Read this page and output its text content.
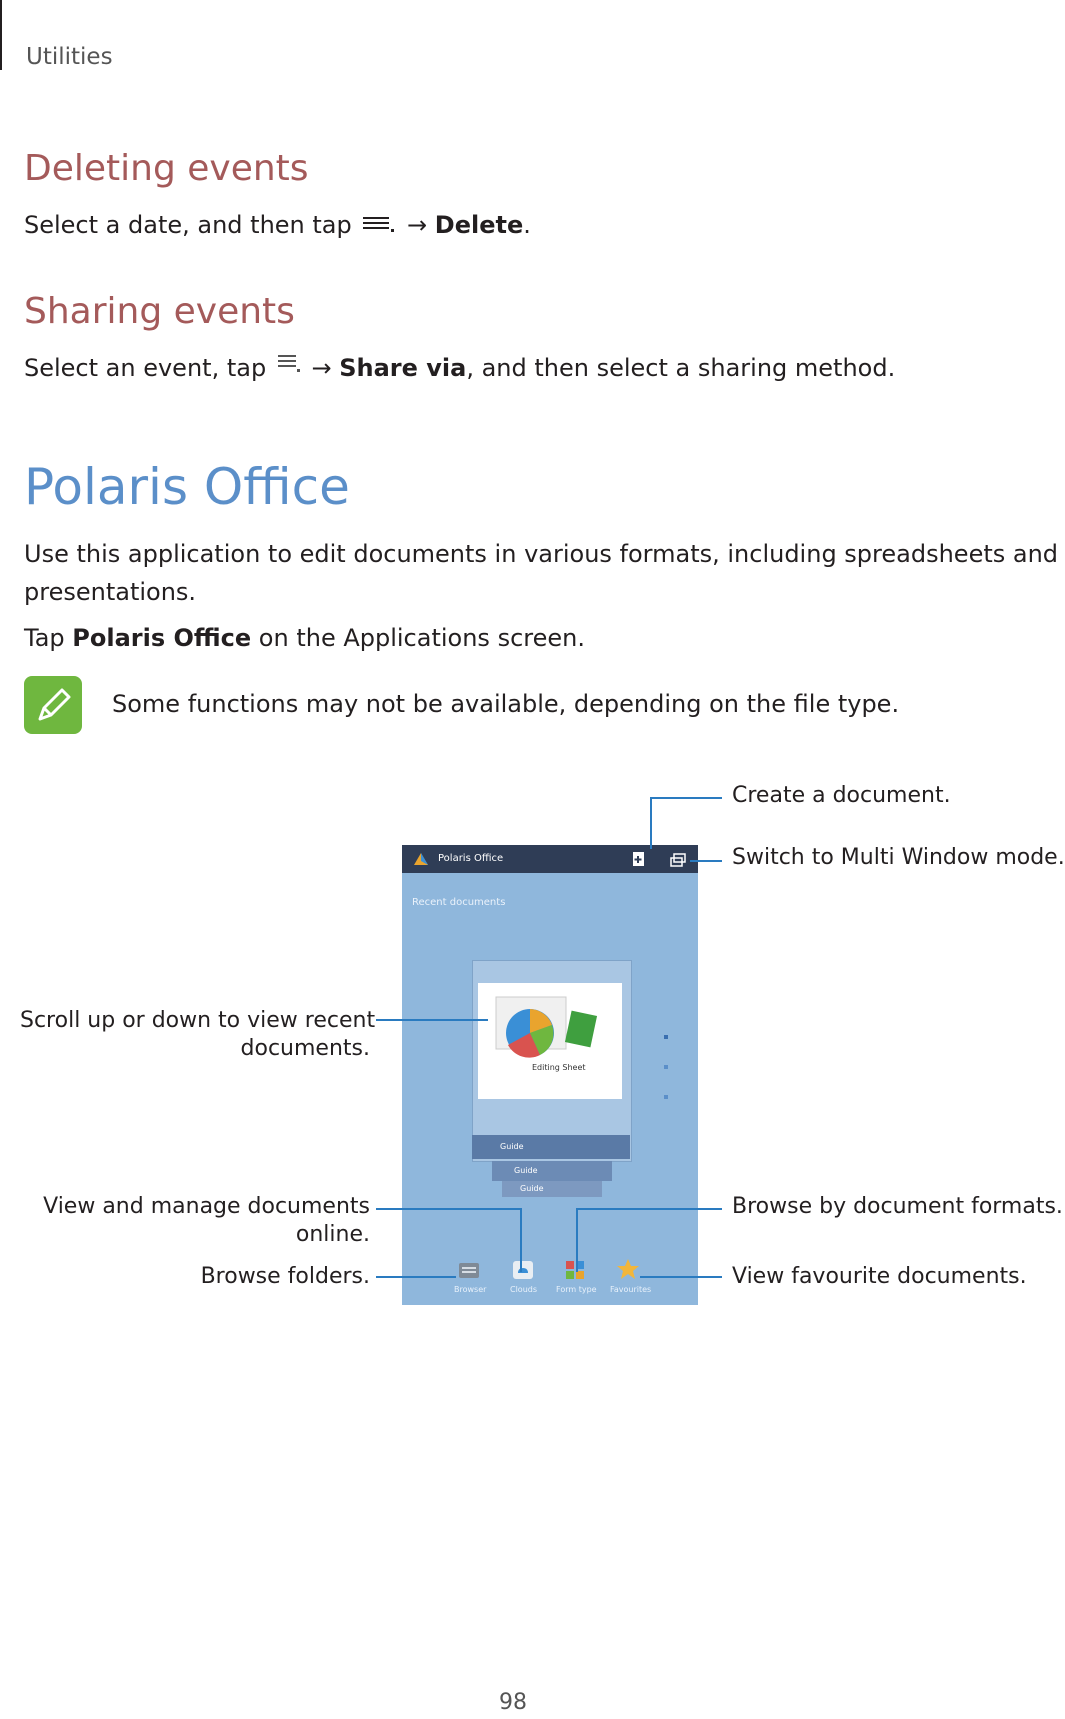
Utilities
Deleting events
Select a date, and then tap → Delete.
Sharing events
Select an event, tap → Share via, and then select a sharing method.
Polaris Office
Use this application to edit documents in various formats, including spreadsheets and
presentations.
Tap Polaris Office on the Applications screen.
Some functions may not be available, depending on the file type.
Polaris Office
Recent documents
Editing Sheet
Guide
Guide
Guide
Browser	Clouds Form type Favourites
Create a document.
Switch to Multi Window mode.
Scroll up or down to view recent
documents.
View and manage documents
online.
Browse folders.
Browse by document formats.
View favourite documents.
98
